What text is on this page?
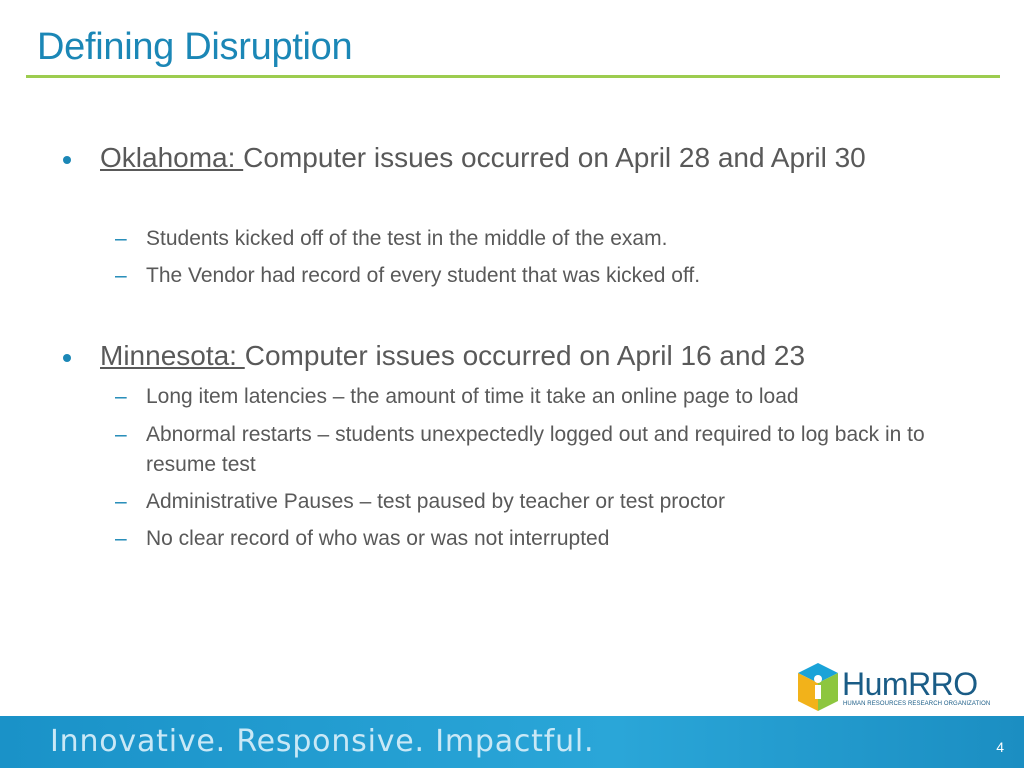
Defining Disruption
Oklahoma: Computer issues occurred on April 28 and April 30
– Students kicked off of the test in the middle of the exam.
– The Vendor had record of every student that was kicked off.
Minnesota: Computer issues occurred on April 16 and 23
– Long item latencies – the amount of time it take an online page to load
– Abnormal restarts – students unexpectedly logged out and required to log back in to resume test
– Administrative Pauses – test paused by teacher or test proctor
– No clear record of who was or was not interrupted
HumRRO
HUMAN RESOURCES RESEARCH ORGANIZATION
Innovative. Responsive. Impactful.	4
